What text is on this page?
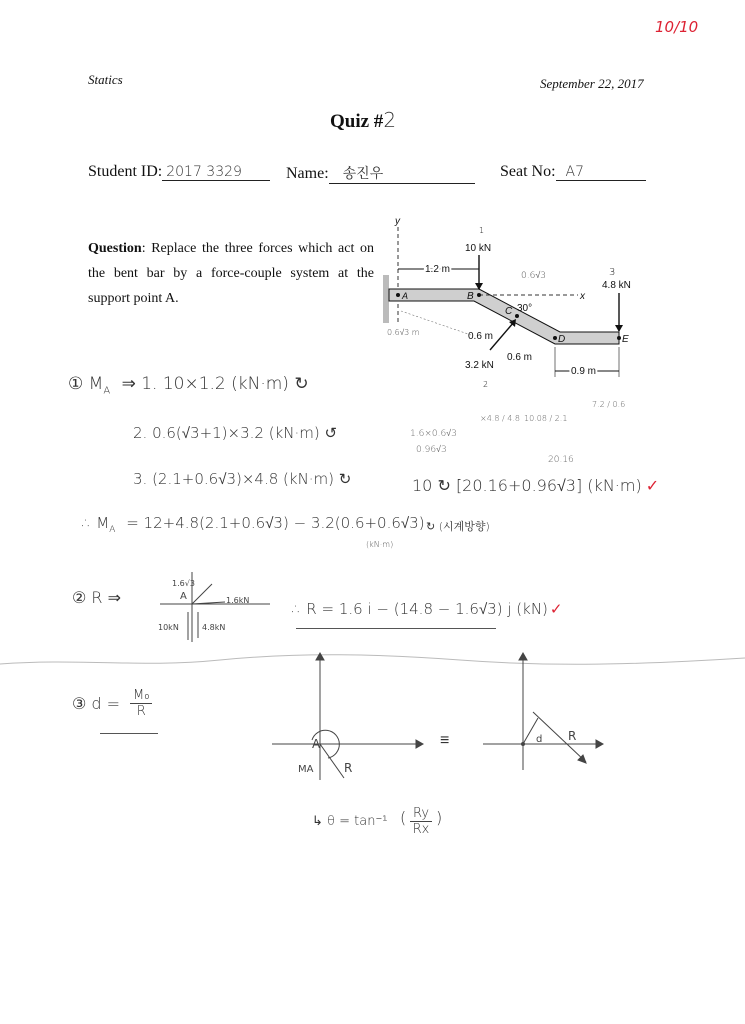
10/10
Statics	September 22, 2017
Quiz #2
Student ID: 2017 3329	Name: 송진우	Seat No: A7
Question: Replace the three forces which act on the bent bar by a force-couple system at the support point A.
y
x
A	B
C
D	E
10 kN
1
4.8 kN
3
3.2 kN
2
1.2 m
0.6 m
0.6 m
0.9 m
30°
0.6√3
0.6√3 m
① $M_A$ ⇒ 1. 10×1.2 (kN·m) ↻
2. 0.6(√3+1)×3.2 (kN·m) ↺
3. (2.1+0.6√3)×4.8 (kN·m) ↻
1.6×0.6√3
0.96√3
×4.8 / 4.8 10.08 / 2.1
7.2 / 0.6
20.16
10 ↻ [20.16+0.96√3] (kN·m) ✓
∴ $M_A = 12+4.8(2.1+0.6√3) - 3.2(0.6+0.6√3)$
(kN·m)
↻ (시계방향)
② R ⇒
1.6√3
A	1.6kN
10kN	4.8kN
∴ R = 1.6 i − (14.8 − 1.6√3) j (kN) ✓
③ $d = \frac{\text{M₀}}{R}$
A
MA	R
≡	d R
↳ θ = tan⁻¹ ( $\frac{Ry}{Rx}$ )
